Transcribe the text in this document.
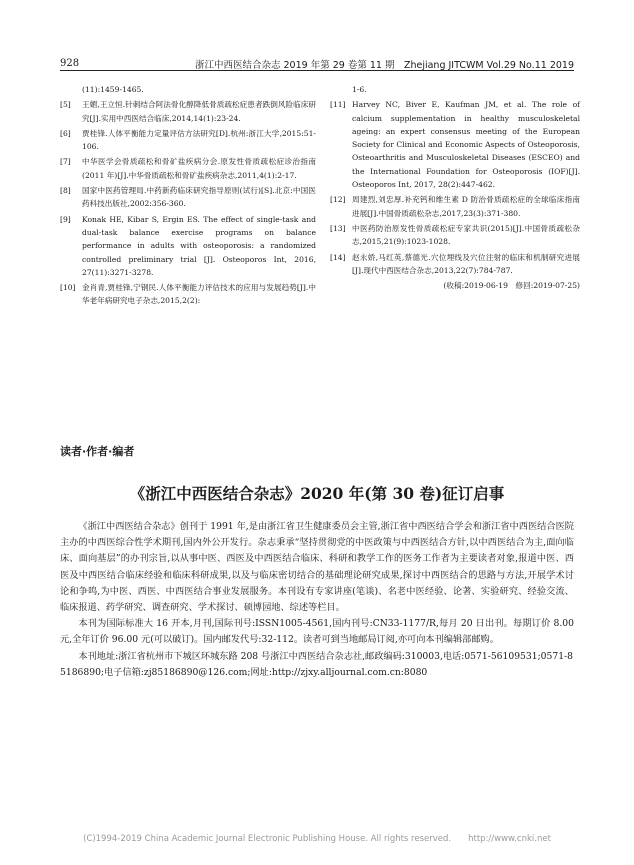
928	浙江中西医结合杂志 2019 年第 29 卷第 11 期　Zhejiang JITCWM Vol.29 No.11 2019
(11):1459-1465.
[5]	王媚,王立恒.针刺结合阿法骨化醇降低骨质疏松症患者跌倒风险临床研究[J].实用中西医结合临床,2014,14(1):23-24.
[6]	贾桂锋.人体平衡能力定量评估方法研究[D].杭州:浙江大学,2015:51-106.
[7]	中华医学会骨质疏松和骨矿盐疾病分会.原发性骨质疏松症诊治指南(2011 年)[J].中华骨质疏松和骨矿盐疾病杂志,2011,4(1):2-17.
[8]	国家中医药管理局.中药新药临床研究指导原则(试行)[S].北京:中国医药科技出版社,2002:356-360.
[9]	Konak HE, Kibar S, Ergin ES. The effect of single-task and dual-task balance exercise programs on balance performance in adults with osteoporosis: a randomized controlled preliminary trial [J]. Osteoporos Int, 2016, 27(11):3271-3278.
[10] 金肖青,贾桂锋,宁钢民.人体平衡能力评估技术的应用与发展趋势[J].中华老年病研究电子杂志,2015,2(2):
1-6.
[11] Harvey NC, Biver E, Kaufman JM, et al. The role of calcium supplementation in healthy musculoskeletal ageing: an expert consensus meeting of the European Society for Clinical and Economic Aspects of Osteoporosis, Osteoarthritis and Musculoskeletal Diseases (ESCEO) and the International Foundation for Osteoporosis (IOF)[J]. Osteoporos Int, 2017, 28(2):447-462.
[12] 周建烈,刘忠厚.补充钙和维生素 D 防治骨质疏松症的全球临床指南进展[J].中国骨质疏松杂志,2017,23(3):371-380.
[13] 中医药防治原发性骨质疏松症专家共识(2015)[J].中国骨质疏松杂志,2015,21(9):1023-1028.
[14] 赵永娇,马红英,蔡德光.穴位埋线及穴位注射的临床和机制研究进展[J].现代中西医结合杂志,2013,22(7):784-787.
(收稿:2019-06-19　修回:2019-07-25)
读者·作者·编者
《浙江中西医结合杂志》2020 年(第 30 卷)征订启事

《浙江中西医结合杂志》创刊于 1991 年,是由浙江省卫生健康委员会主管,浙江省中西医结合学会和浙江省中西医结合医院主办的中西医综合性学术期刊,国内外公开发行。杂志秉承“坚持贯彻党的中医政策与中西医结合方针,以中西医结合为主,面向临床、面向基层”的办刊宗旨,以从事中医、西医及中西医结合临床、科研和教学工作的医务工作者为主要读者对象,报道中医、西医及中西医结合临床经验和临床科研成果,以及与临床密切结合的基础理论研究成果,探讨中西医结合的思路与方法,开展学术讨论和争鸣,为中医、西医、中西医结合事业发展服务。本刊设有专家讲座(笔谈)、名老中医经验、论著、实验研究、经验交流、临床报道、药学研究、调查研究、学术探讨、硕博园地、综述等栏目。

本刊为国际标准大 16 开本,月刊,国际刊号:ISSN1005-4561,国内刊号:CN33-1177/R,每月 20 日出刊。每期订价 8.00 元,全年订价 96.00 元(可以破订)。国内邮发代号:32-112。读者可到当地邮局订阅,亦可向本刊编辑部邮购。

本刊地址:浙江省杭州市下城区环城东路 208 号浙江中西医结合杂志社,邮政编码:310003,电话:0571-56109531;0571-85186890;电子信箱:zj85186890@126.com;网址:http://zjxy.alljournal.com.cn:8080

(C)1994-2019 China Academic Journal Electronic Publishing House. All rights reserved.　　http://www.cnki.net
